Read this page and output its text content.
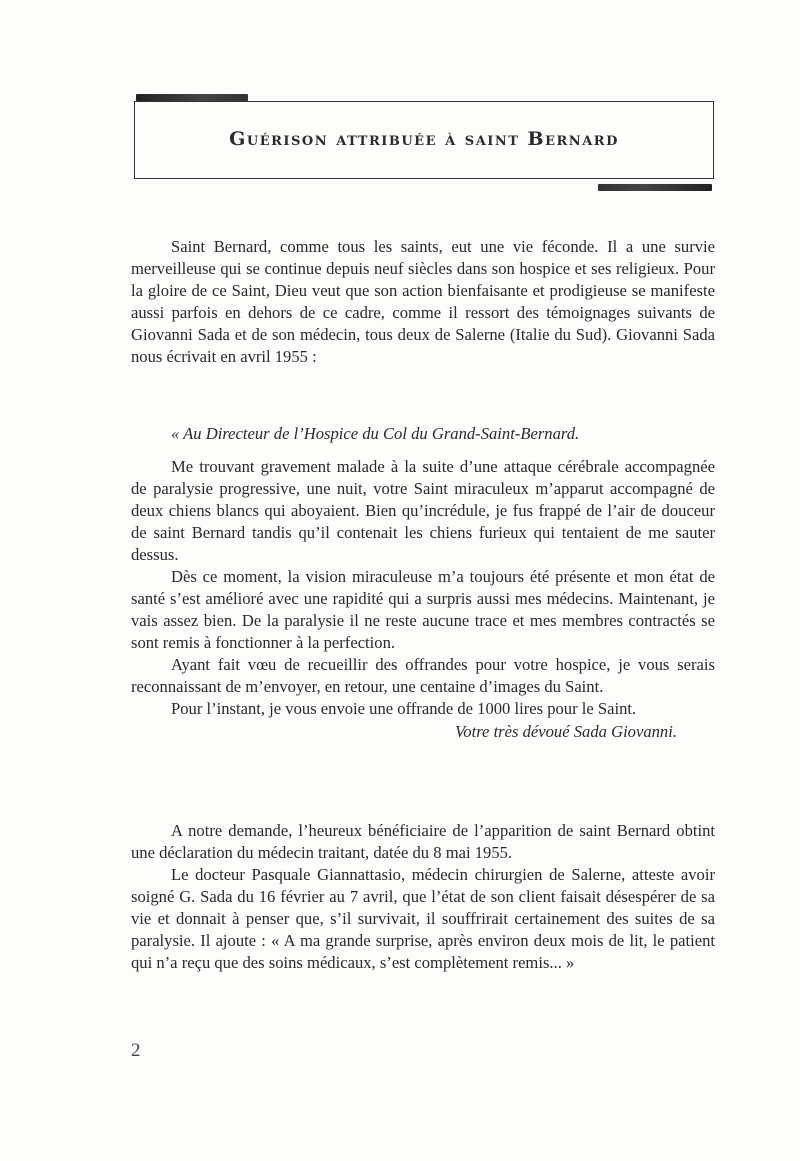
Guérison attribuée à saint Bernard

Saint Bernard, comme tous les saints, eut une vie féconde. Il a une survie merveilleuse qui se continue depuis neuf siècles dans son hospice et ses religieux. Pour la gloire de ce Saint, Dieu veut que son action bienfaisante et prodigieuse se manifeste aussi parfois en dehors de ce cadre, comme il ressort des témoignages suivants de Giovanni Sada et de son médecin, tous deux de Salerne (Italie du Sud). Giovanni Sada nous écrivait en avril 1955 :

« Au Directeur de l’Hospice du Col du Grand-Saint-Bernard.

Me trouvant gravement malade à la suite d’une attaque cérébrale accompagnée de paralysie progressive, une nuit, votre Saint miraculeux m’apparut accompagné de deux chiens blancs qui aboyaient. Bien qu’incrédule, je fus frappé de l’air de douceur de saint Bernard tandis qu’il contenait les chiens furieux qui tentaient de me sauter dessus.

Dès ce moment, la vision miraculeuse m’a toujours été présente et mon état de santé s’est amélioré avec une rapidité qui a surpris aussi mes médecins. Maintenant, je vais assez bien. De la paralysie il ne reste aucune trace et mes membres contractés se sont remis à fonctionner à la perfection.

Ayant fait vœu de recueillir des offrandes pour votre hospice, je vous serais reconnaissant de m’envoyer, en retour, une centaine d’images du Saint.

Pour l’instant, je vous envoie une offrande de 1000 lires pour le Saint.

Votre très dévoué Sada Giovanni.

A notre demande, l’heureux bénéficiaire de l’apparition de saint Bernard obtint une déclaration du médecin traitant, datée du 8 mai 1955.

Le docteur Pasquale Giannattasio, médecin chirurgien de Salerne, atteste avoir soigné G. Sada du 16 février au 7 avril, que l’état de son client faisait désespérer de sa vie et donnait à penser que, s’il survivait, il souffrirait certainement des suites de sa paralysie. Il ajoute : « A ma grande surprise, après environ deux mois de lit, le patient qui n’a reçu que des soins médicaux, s’est complètement remis... »

2
